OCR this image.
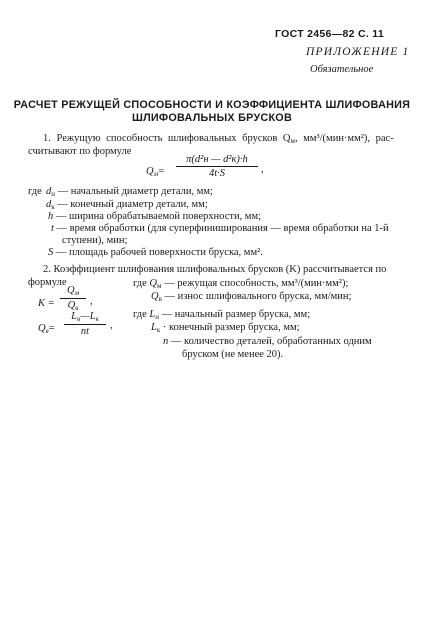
ГОСТ 2456—82 С. 11
ПРИЛОЖЕНИЕ 1
Обязательное
РАСЧЕТ РЕЖУЩЕЙ СПОСОБНОСТИ И КОЭФФИЦИЕНТА ШЛИФОВАНИЯ
ШЛИФОВАЛЬНЫХ БРУСКОВ
1. Режущую способность шлифовальных брусков $Q_м$, мм³/(мин·мм²), рас-
считывают по формуле
$Q_м=$
π(d²н — d²к)·h
4t·S	,
где $d_н$ — начальный диаметр детали, мм;
$d_к$ — конечный диаметр детали, мм;
h — ширина обрабатываемой поверхности, мм;
t — время обработки (для суперфиниширования — время обработки на 1-й
ступени), мин;
S — площадь рабочей поверхности бруска, мм².
2. Коэффициент шлифования шлифовальных брусков (K) рассчитывается по
формуле
K =
$Q_м$
$Q_в$
,
$Q_в=$
$L_н—L_к$
nt
,
где $Q_м$ — режущая способность, мм³/(мин·мм²);
$Q_в$ — износ шлифовального бруска, мм/мин;
где $L_н$ — начальный размер бруска, мм;
$L_к$ · конечный размер бруска, мм;
n — количество деталей, обработанных одним
бруском (не менее 20).
